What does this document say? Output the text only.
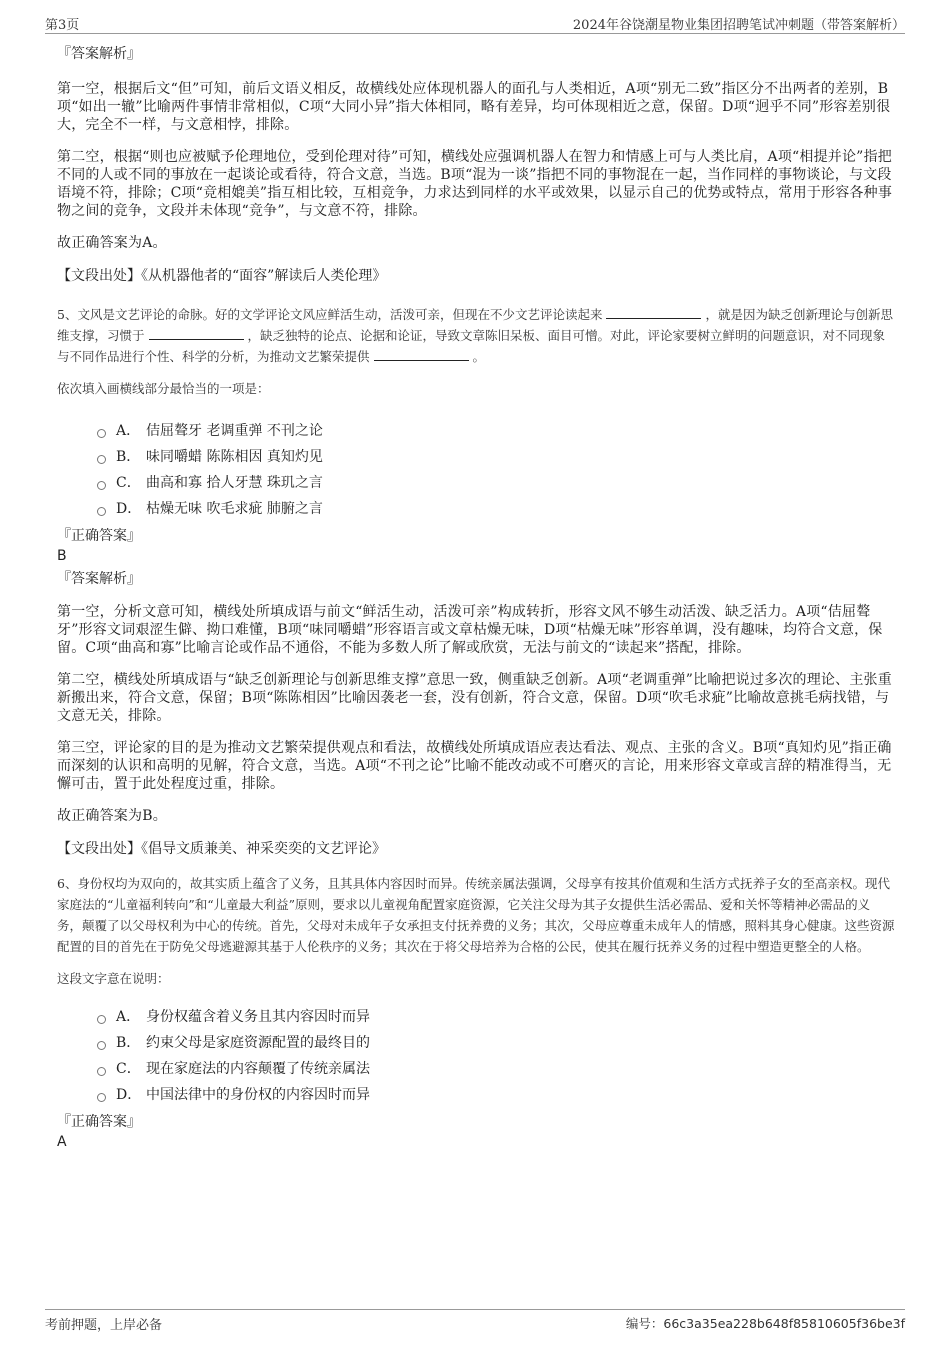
第3页	2024年谷饶潮星物业集团招聘笔试冲刺题（带答案解析）
『答案解析』
第一空，根据后文“但”可知，前后文语义相反，故横线处应体现机器人的面孔与人类相近，A项“别无二致”指区分不出两者的差别，B项“如出一辙”比喻两件事情非常相似，C项“大同小异”指大体相同，略有差异，均可体现相近之意，保留。D项“迥乎不同”形容差别很大，完全不一样，与文意相悖，排除。
第二空，根据“则也应被赋予伦理地位，受到伦理对待”可知，横线处应强调机器人在智力和情感上可与人类比肩，A项“相提并论”指把不同的人或不同的事放在一起谈论或看待，符合文意，当选。B项“混为一谈”指把不同的事物混在一起，当作同样的事物谈论，与文段语境不符，排除；C项“竞相媲美”指互相比较，互相竞争，力求达到同样的水平或效果，以显示自己的优势或特点，常用于形容各种事物之间的竞争，文段并未体现“竞争”，与文意不符，排除。
故正确答案为A。
【文段出处】《从机器他者的“面容”解读后人类伦理》
5、文风是文艺评论的命脉。好的文学评论文风应鲜活生动，活泼可亲，但现在不少文艺评论读起来	，就是因为缺乏创新理论与创新思维支撑，习惯于	，缺乏独特的论点、论据和论证，导致文章陈旧呆板、面目可憎。对此，评论家要树立鲜明的问题意识，对不同现象与不同作品进行个性、科学的分析，为推动文艺繁荣提供	。
依次填入画横线部分最恰当的一项是：
A． 佶屈聱牙 老调重弹 不刊之论
B． 味同嚼蜡 陈陈相因 真知灼见
C． 曲高和寡 拾人牙慧 珠玑之言
D． 枯燥无味 吹毛求疵 肺腑之言
『正确答案』
B
『答案解析』
第一空，分析文意可知，横线处所填成语与前文“鲜活生动，活泼可亲”构成转折，形容文风不够生动活泼、缺乏活力。A项“佶屈聱牙”形容文词艰涩生僻、拗口难懂，B项“味同嚼蜡”形容语言或文章枯燥无味，D项“枯燥无味”形容单调，没有趣味，均符合文意，保留。C项“曲高和寡”比喻言论或作品不通俗，不能为多数人所了解或欣赏，无法与前文的“读起来”搭配，排除。
第二空，横线处所填成语与“缺乏创新理论与创新思维支撑”意思一致，侧重缺乏创新。A项“老调重弹”比喻把说过多次的理论、主张重新搬出来，符合文意，保留；B项“陈陈相因”比喻因袭老一套，没有创新，符合文意，保留。D项“吹毛求疵”比喻故意挑毛病找错，与文意无关，排除。
第三空，评论家的目的是为推动文艺繁荣提供观点和看法，故横线处所填成语应表达看法、观点、主张的含义。B项“真知灼见”指正确而深刻的认识和高明的见解，符合文意，当选。A项“不刊之论”比喻不能改动或不可磨灭的言论，用来形容文章或言辞的精准得当，无懈可击，置于此处程度过重，排除。
故正确答案为B。
【文段出处】《倡导文质兼美、神采奕奕的文艺评论》
6、身份权均为双向的，故其实质上蕴含了义务，且其具体内容因时而异。传统亲属法强调，父母享有按其价值观和生活方式抚养子女的至高亲权。现代家庭法的“儿童福利转向”和“儿童最大利益”原则，要求以儿童视角配置家庭资源，它关注父母为其子女提供生活必需品、爱和关怀等精神必需品的义务，颠覆了以父母权利为中心的传统。首先，父母对未成年子女承担支付抚养费的义务；其次，父母应尊重未成年人的情感，照料其身心健康。这些资源配置的目的首先在于防免父母逃避源其基于人伦秩序的义务；其次在于将父母培养为合格的公民，使其在履行抚养义务的过程中塑造更整全的人格。
这段文字意在说明：
A． 身份权蕴含着义务且其内容因时而异
B． 约束父母是家庭资源配置的最终目的
C． 现在家庭法的内容颠覆了传统亲属法
D． 中国法律中的身份权的内容因时而异
『正确答案』
A
考前押题，上岸必备	编号：66c3a35ea228b648f85810605f36be3f
